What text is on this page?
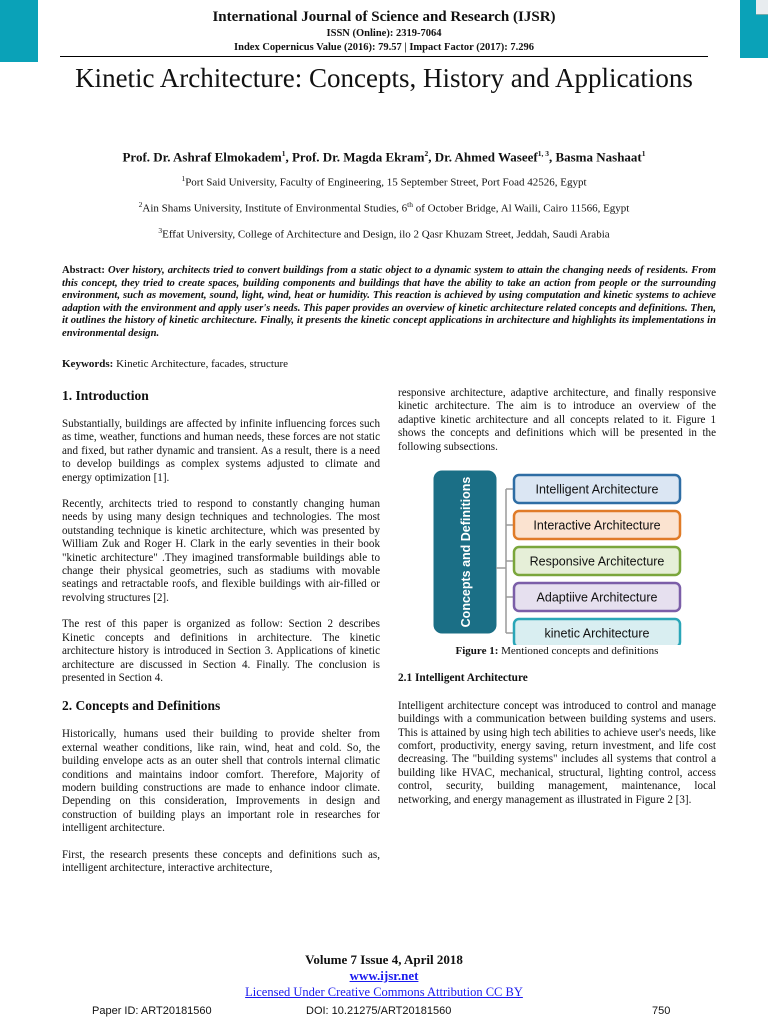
International Journal of Science and Research (IJSR)
ISSN (Online): 2319-7064
Index Copernicus Value (2016): 79.57 | Impact Factor (2017): 7.296
Kinetic Architecture: Concepts, History and Applications
Prof. Dr. Ashraf Elmokadem$^1$, Prof. Dr. Magda Ekram$^2$, Dr. Ahmed Waseef$^{1, 3}$, Basma Nashaat$^1$
$^1$Port Said University, Faculty of Engineering, 15 September Street, Port Foad 42526, Egypt
$^2$Ain Shams University, Institute of Environmental Studies, 6th of October Bridge, Al Waili, Cairo 11566, Egypt
$^3$Effat University, College of Architecture and Design, ilo 2 Qasr Khuzam Street, Jeddah, Saudi Arabia
Abstract: Over history, architects tried to convert buildings from a static object to a dynamic system to attain the changing needs of residents. From this concept, they tried to create spaces, building components and buildings that have the ability to take an action from people or the surrounding environment, such as movement, sound, light, wind, heat or humidity. This reaction is achieved by using computation and kinetic systems to achieve adaption with the environment and apply user's needs. This paper provides an overview of kinetic architecture related concepts and definitions. Then, it outlines the history of kinetic architecture. Finally, it presents the kinetic concept applications in architecture and highlights its implementations in environmental design.
Keywords: Kinetic Architecture, facades, structure
1. Introduction

Substantially, buildings are affected by infinite influencing forces such as time, weather, functions and human needs, these forces are not static and fixed, but rather dynamic and transient. As a result, there is a need to develop buildings as complex systems adjusted to climate and energy optimization [1].

Recently, architects tried to respond to constantly changing human needs by using many design techniques and technologies. The most outstanding technique is kinetic architecture, which was presented by William Zuk and Roger H. Clark in the early seventies in their book "kinetic architecture" .They imagined transformable buildings able to change their physical geometries, such as stadiums with movable seatings and retractable roofs, and flexible buildings with air-filled or revolving structures [2].

The rest of this paper is organized as follow: Section 2 describes Kinetic concepts and definitions in architecture. The kinetic architecture history is introduced in Section 3. Applications of kinetic architecture are discussed in Section 4. Finally. The conclusion is presented in Section 4.

2. Concepts and Definitions

Historically, humans used their building to provide shelter from external weather conditions, like rain, wind, heat and cold. So, the building envelope acts as an outer shell that controls internal climatic conditions and maintains indoor comfort. Therefore, Majority of modern building constructions are made to enhance indoor climate. Depending on this consideration, Improvements in design and construction of building plays an important role in researches for intelligent architecture.

First, the research presents these concepts and definitions such as, intelligent architecture, interactive architecture,

responsive architecture, adaptive architecture, and finally responsive kinetic architecture. The aim is to introduce an overview of the adaptive kinetic architecture and all concepts related to it. Figure 1 shows the concepts and definitions which will be presented in the following subsections.

Concepts and Definitions	Intelligent Architecture
Interactive Architecture
Responsive Architecture
Adaptiive Architecture
kinetic Architecture
Figure 1: Mentioned concepts and definitions
2.1 Intelligent Architecture

Intelligent architecture concept was introduced to control and manage buildings with a communication between building systems and users. This is attained by using high tech abilities to achieve user's needs, like comfort, productivity, energy saving, return investment, and life cost decreasing. The "building systems" includes all systems that control a building like HVAC, mechanical, structural, lighting control, access control, security, building management, maintenance, local networking, and energy management as illustrated in Figure 2 [3].

Volume 7 Issue 4, April 2018
www.ijsr.net
Licensed Under Creative Commons Attribution CC BY
Paper ID: ART20181560	DOI: 10.21275/ART20181560	750
